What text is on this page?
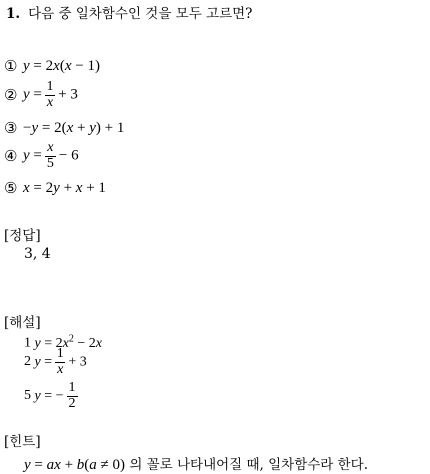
1. 다음 중 일차함수인 것을 모두 고르면?
① y = 2x(x − 1)
② $y = \frac{1}{x} + 3$
③ −y = 2(x + y) + 1
④ $y = \frac{x}{5} - 6$
⑤ x = 2y + x + 1
[정답]
3, 4
[해설]
1 $y = 2x^2 - 2x$
2
$y = \frac{1}{x} + 3$
5
y = − $\frac{1}{2}$
[힌트]
y = ax + b(a ≠ 0) 의 꼴로 나타내어질 때, 일차함수라 한다.
